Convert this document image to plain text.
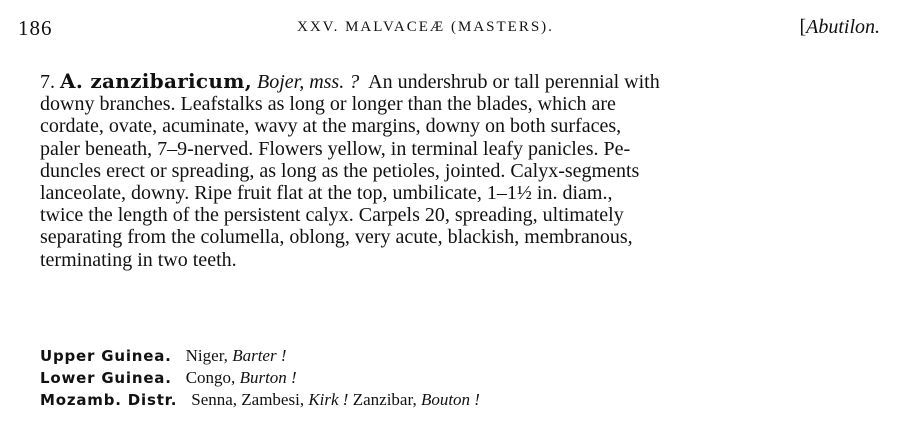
186	XXV. MALVACEÆ (MASTERS).	[Abutilon.
7. A. zanzibaricum, Bojer, mss. ? An undershrub or tall perennial with
downy branches. Leafstalks as long or longer than the blades, which are
cordate, ovate, acuminate, wavy at the margins, downy on both surfaces,
paler beneath, 7–9-nerved. Flowers yellow, in terminal leafy panicles. Pe-
duncles erect or spreading, as long as the petioles, jointed. Calyx-segments
lanceolate, downy. Ripe fruit flat at the top, umbilicate, 1–1½ in. diam.,
twice the length of the persistent calyx. Carpels 20, spreading, ultimately
separating from the columella, oblong, very acute, blackish, membranous,
terminating in two teeth.
Upper Guinea. Niger, Barter !
Lower Guinea. Congo, Burton !
Mozamb. Distr. Senna, Zambesi, Kirk ! Zanzibar, Bouton !
